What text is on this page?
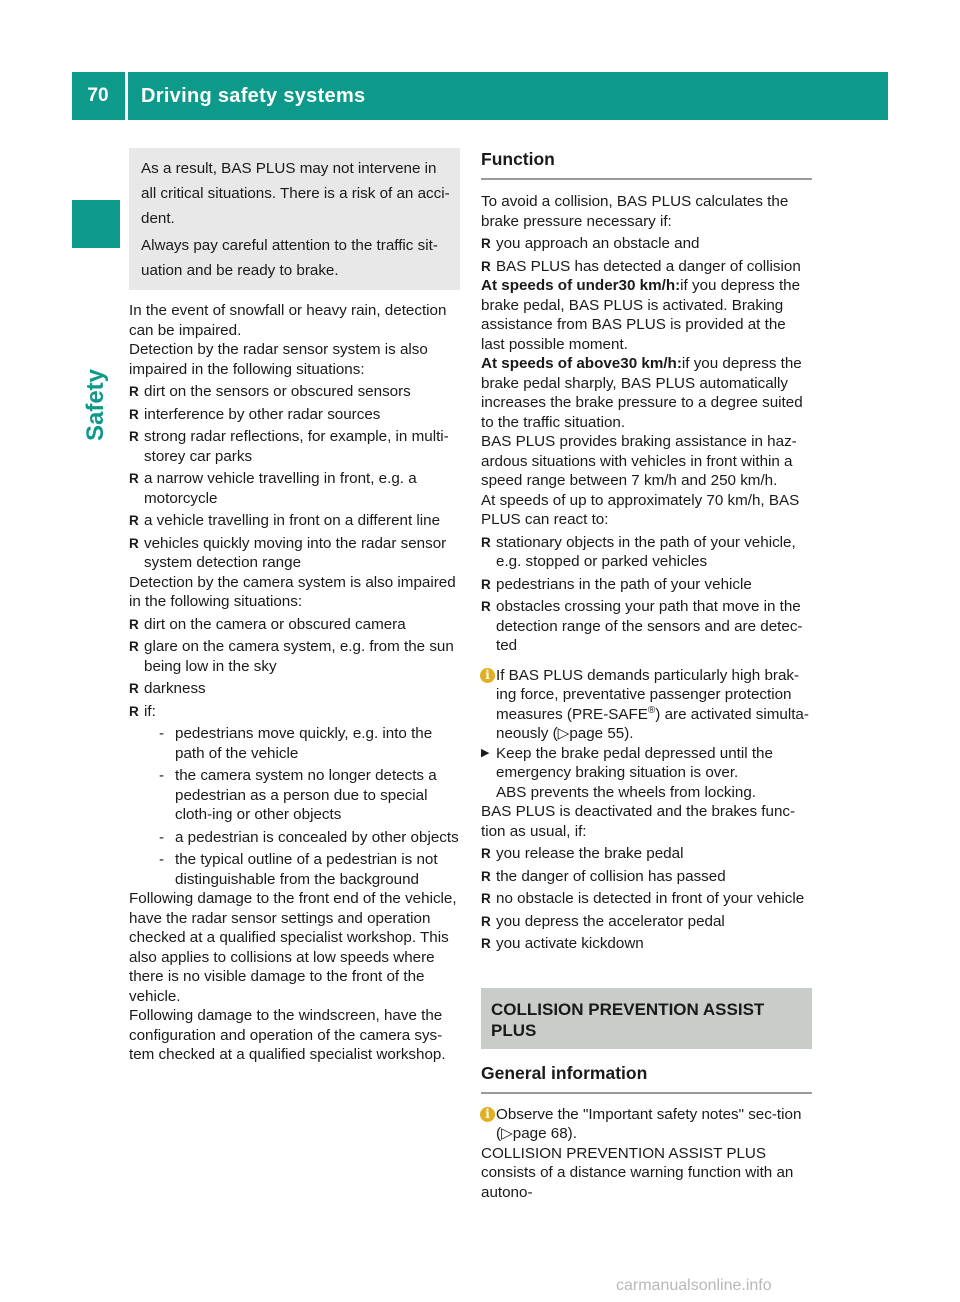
70	Driving safety systems
Safety

As a result, BAS PLUS may not intervene in all critical situations. There is a risk of an acci-dent.

Always pay careful attention to the traffic sit-uation and be ready to brake.

In the event of snowfall or heavy rain, detection can be impaired.

Detection by the radar sensor system is also impaired in the following situations:

R dirt on the sensors or obscured sensors
R interference by other radar sources
R strong radar reflections, for example, in multi-storey car parks
R a narrow vehicle travelling in front, e.g. a motorcycle
R a vehicle travelling in front on a different line
R vehicles quickly moving into the radar sensor system detection range

Detection by the camera system is also impaired in the following situations:

R dirt on the camera or obscured camera
R glare on the camera system, e.g. from the sun being low in the sky
R darkness
R if:
- pedestrians move quickly, e.g. into the path of the vehicle
- the camera system no longer detects a pedestrian as a person due to special cloth-ing or other objects
- a pedestrian is concealed by other objects
- the typical outline of a pedestrian is not distinguishable from the background

Following damage to the front end of the vehicle, have the radar sensor settings and operation checked at a qualified specialist workshop. This also applies to collisions at low speeds where there is no visible damage to the front of the vehicle.

Following damage to the windscreen, have the configuration and operation of the camera sys-tem checked at a qualified specialist workshop.

Function

To avoid a collision, BAS PLUS calculates the brake pressure necessary if:

R you approach an obstacle and
R BAS PLUS has detected a danger of collision

At speeds of under30 km/h:if you depress the brake pedal, BAS PLUS is activated. Braking assistance from BAS PLUS is provided at the last possible moment.

At speeds of above30 km/h:if you depress the brake pedal sharply, BAS PLUS automatically increases the brake pressure to a degree suited to the traffic situation.

BAS PLUS provides braking assistance in haz-ardous situations with vehicles in front within a speed range between 7 km/h and 250 km/h.

At speeds of up to approximately 70 km/h, BAS PLUS can react to:

R stationary objects in the path of your vehicle, e.g. stopped or parked vehicles
R pedestrians in the path of your vehicle
R obstacles crossing your path that move in the detection range of the sensors and are detec-ted

i If BAS PLUS demands particularly high brak-ing force, preventative passenger protection measures (PRE-SAFE®) are activated simulta-neously (▷page 55).

▶ Keep the brake pedal depressed until the emergency braking situation is over.
ABS prevents the wheels from locking.

BAS PLUS is deactivated and the brakes func-tion as usual, if:

R you release the brake pedal
R the danger of collision has passed
R no obstacle is detected in front of your vehicle
R you depress the accelerator pedal
R you activate kickdown
COLLISION PREVENTION ASSIST PLUS
General information

i Observe the "Important safety notes" sec-tion (▷page 68).

COLLISION PREVENTION ASSIST PLUS consists of a distance warning function with an autono-

carmanualsonline.info
